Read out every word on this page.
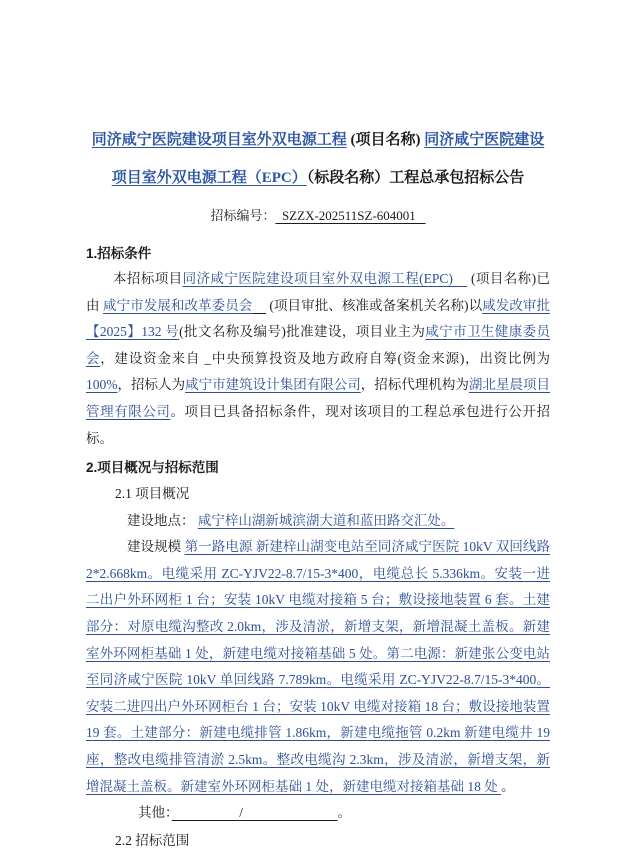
同济咸宁医院建设项目室外双电源工程 (项目名称) 同济咸宁医院建设项目室外双电源工程（EPC）（标段名称）工程总承包招标公告
招标编号：  SZZX-202511SZ-604001
1.招标条件
本招标项目同济咸宁医院建设项目室外双电源工程(EPC)　 (项目名称)已由 咸宁市发展和改革委员会　 (项目审批、核准或备案机关名称)以咸发改审批【2025】132 号(批文名称及编号)批准建设，项目业主为咸宁市卫生健康委员会，建设资金来自 _中央预算投资及地方政府自筹(资金来源)，出资比例为 100%，招标人为咸宁市建筑设计集团有限公司，招标代理机构为湖北星晨项目管理有限公司。项目已具备招标条件，现对该项目的工程总承包进行公开招标。
2.项目概况与招标范围
2.1 项目概况
建设地点： 咸宁梓山湖新城滨湖大道和蓝田路交汇处。
建设规模 第一路电源 新建梓山湖变电站至同济咸宁医院 10kV 双回线路 2*2.668km。电缆采用 ZC-YJV22-8.7/15-3*400，电缆总长 5.336km。安装一进二出户外环网柜 1 台；安装 10kV 电缆对接箱 5 台；敷设接地装置 6 套。土建部分：对原电缆沟整改 2.0km，涉及清淤，新增支架，新增混凝土盖板。新建室外环网柜基础 1 处，新建电缆对接箱基础 5 处。第二电源：新建张公变电站至同济咸宁医院 10kV 单回线路 7.789km。电缆采用 ZC-YJV22-8.7/15-3*400。安装二进四出户外环网柜台 1 台；安装 10kV 电缆对接箱 18 台；敷设接地装置 19 套。土建部分：新建电缆排管 1.86km，新建电缆拖管 0.2km 新建电缆井 19 座，整改电缆排管清淤 2.5km。整改电缆沟 2.3km，涉及清淤，新增支架，新增混凝土盖板。新建室外环网柜基础 1 处，新建电缆对接箱基础 18 处 。
其他：　　　　　/　　　　　　　。
2.2 招标范围
